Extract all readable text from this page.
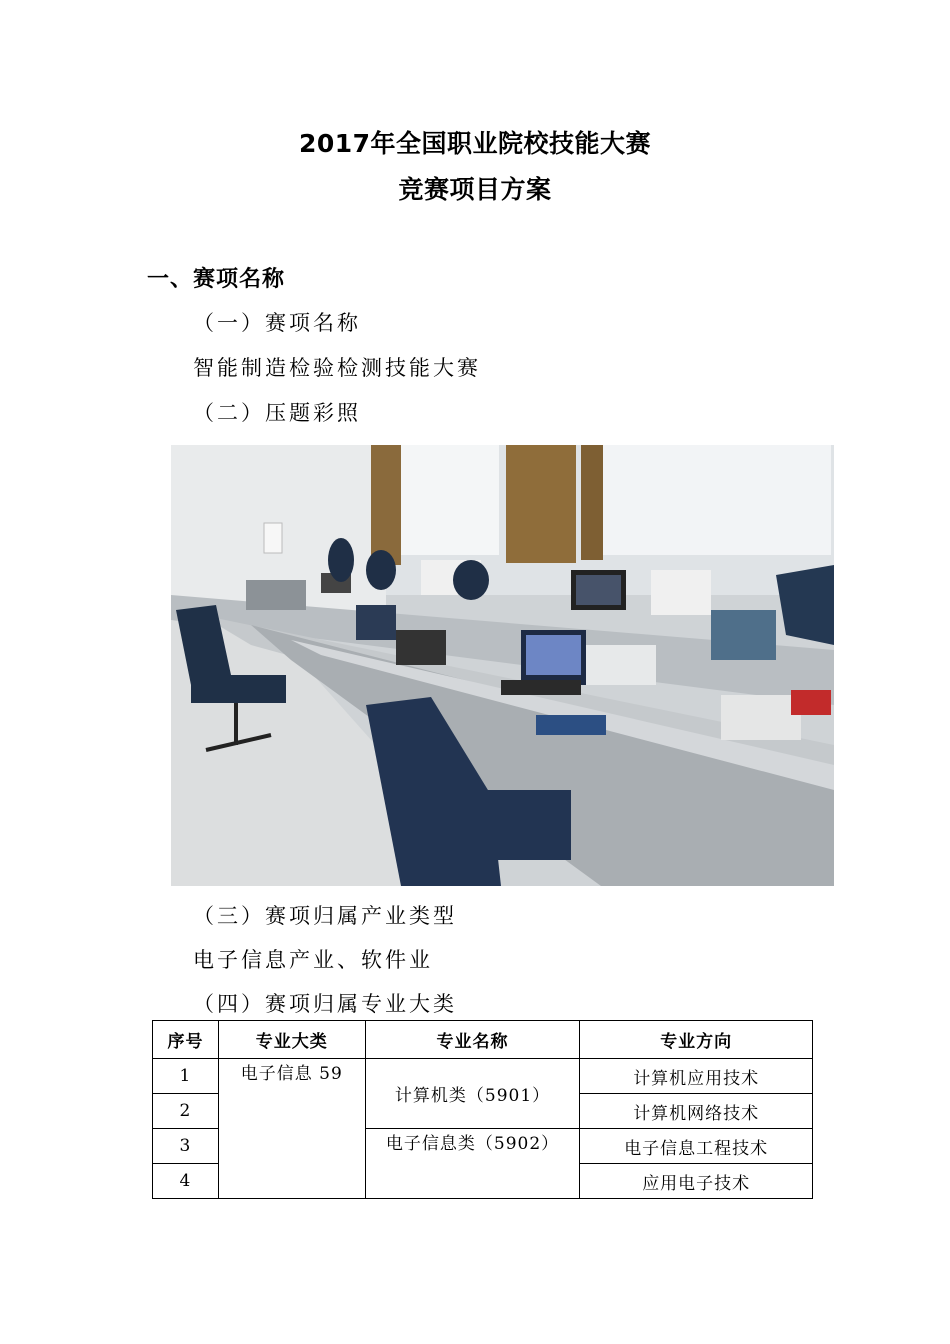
2017年全国职业院校技能大赛
竞赛项目方案
一、赛项名称
（一）赛项名称
智能制造检验检测技能大赛
（二）压题彩照
（三）赛项归属产业类型
电子信息产业、软件业
（四）赛项归属专业大类
序号	专业大类	专业名称	专业方向
1	电子信息 59	计算机类（5901）	计算机应用技术
2			计算机网络技术
3		电子信息类（5902）	电子信息工程技术
4			应用电子技术
